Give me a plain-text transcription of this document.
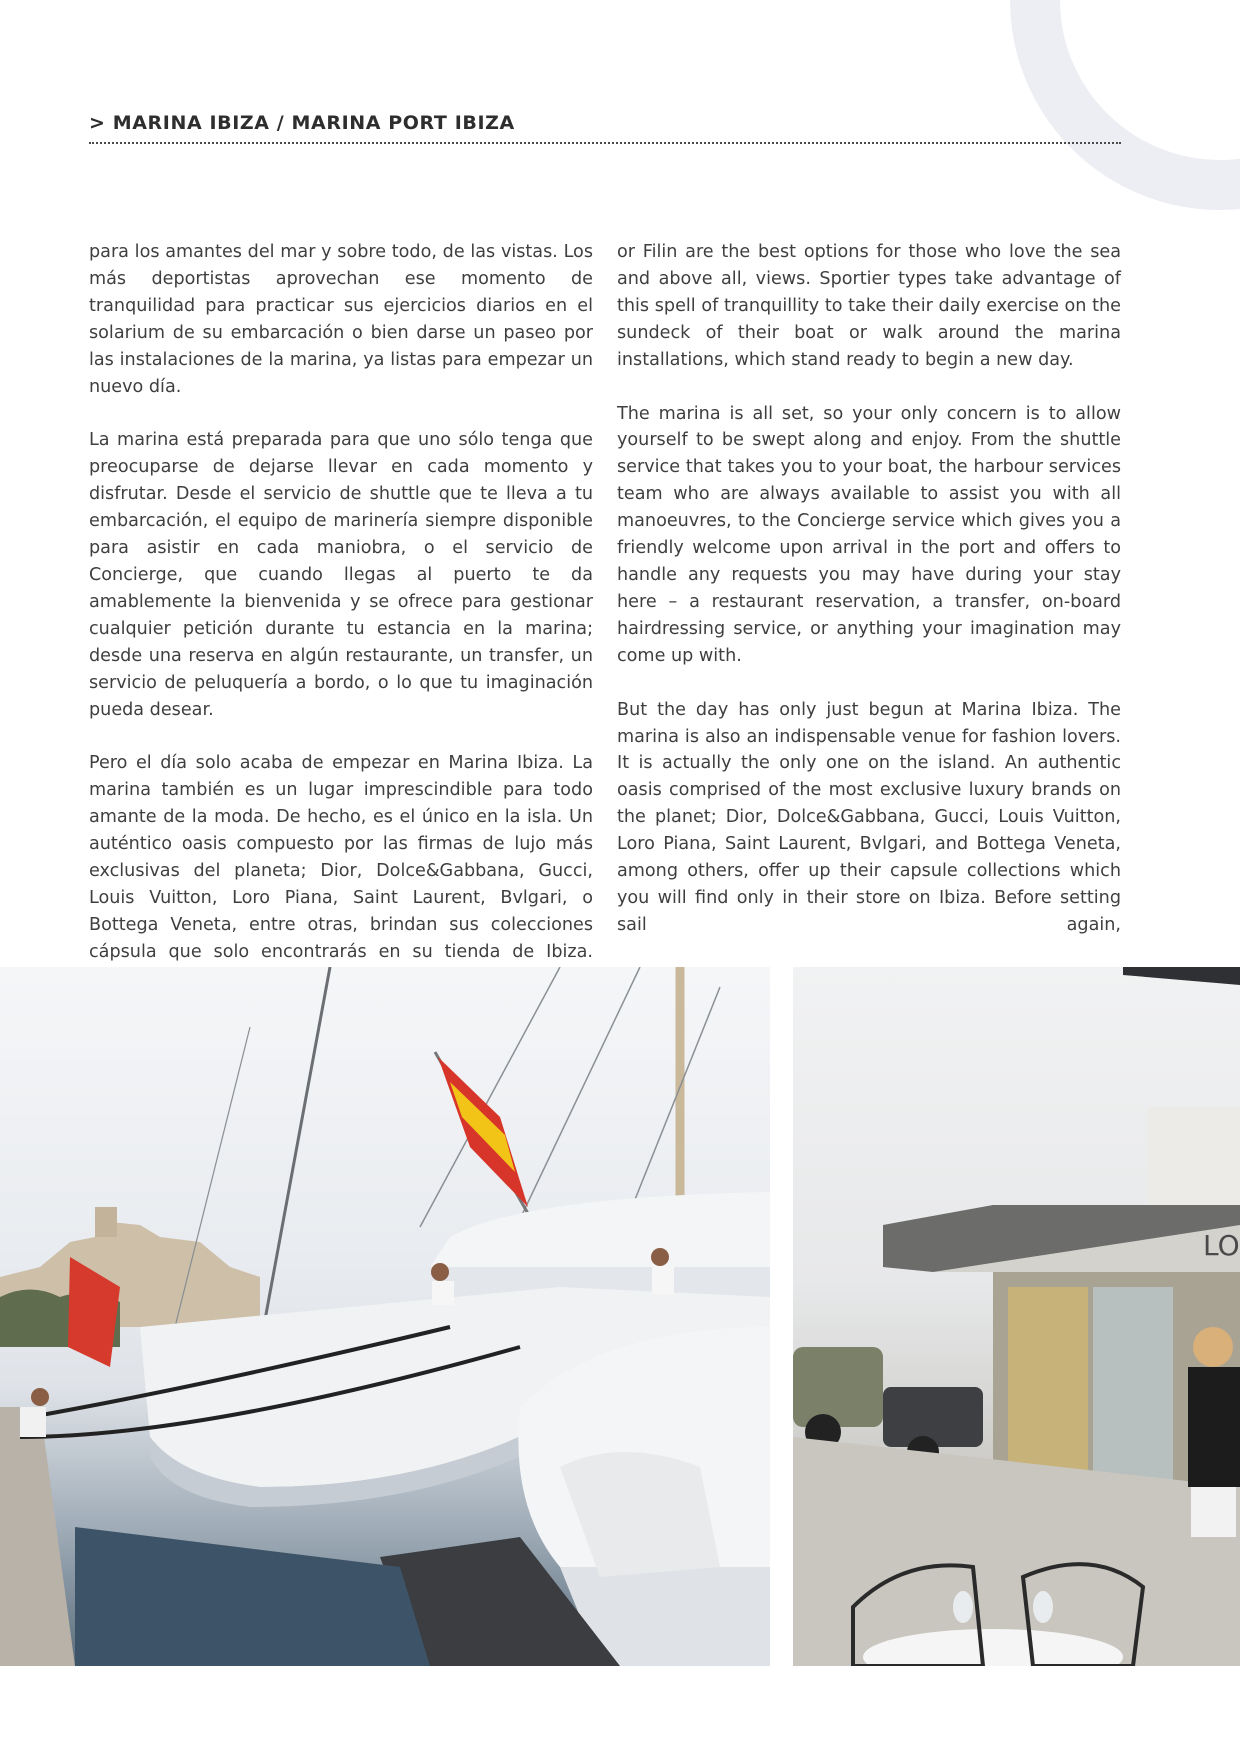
> MARINA IBIZA / MARINA PORT IBIZA

para los amantes del mar y sobre todo, de las vistas. Los más deportistas aprovechan ese momento de tranquilidad para practicar sus ejercicios diarios en el solarium de su embarcación o bien darse un paseo por las instalaciones de la marina, ya listas para empezar un nuevo día.

La marina está preparada para que uno sólo tenga que preocuparse de dejarse llevar en cada momento y disfrutar. Desde el servicio de shuttle que te lleva a tu embarcación, el equipo de marinería siempre disponible para asistir en cada maniobra, o el servicio de Concierge, que cuando llegas al puerto te da amablemente la bienvenida y se ofrece para gestionar cualquier petición durante tu estancia en la marina; desde una reserva en algún restaurante, un transfer, un servicio de peluquería a bordo, o lo que tu imaginación pueda desear.

Pero el día solo acaba de empezar en Marina Ibiza. La marina también es un lugar imprescindible para todo amante de la moda. De hecho, es el único en la isla. Un auténtico oasis compuesto por las firmas de lujo más exclusivas del planeta; Dior, Dolce&Gabbana, Gucci, Louis Vuitton, Loro Piana, Saint Laurent, Bvlgari, o Bottega Veneta, entre otras, brindan sus colecciones cápsula que solo encontrarás en su tienda de Ibiza.

or Filin are the best options for those who love the sea and above all, views. Sportier types take advantage of this spell of tranquillity to take their daily exercise on the sundeck of their boat or walk around the marina installations, which stand ready to begin a new day.

The marina is all set, so your only concern is to allow yourself to be swept along and enjoy. From the shuttle service that takes you to your boat, the harbour services team who are always available to assist you with all manoeuvres, to the Concierge service which gives you a friendly welcome upon arrival in the port and offers to handle any requests you may have during your stay here – a restaurant reservation, a transfer, on-board hairdressing service, or anything your imagination may come up with.

But the day has only just begun at Marina Ibiza. The marina is also an indispensable venue for fashion lovers. It is actually the only one on the island. An authentic oasis comprised of the most exclusive luxury brands on the planet; Dior, Dolce&Gabbana, Gucci, Louis Vuitton, Loro Piana, Saint Laurent, Bvlgari, and Bottega Veneta, among others, offer up their capsule collections which you will find only in their store on Ibiza. Before setting sail again,

LO
